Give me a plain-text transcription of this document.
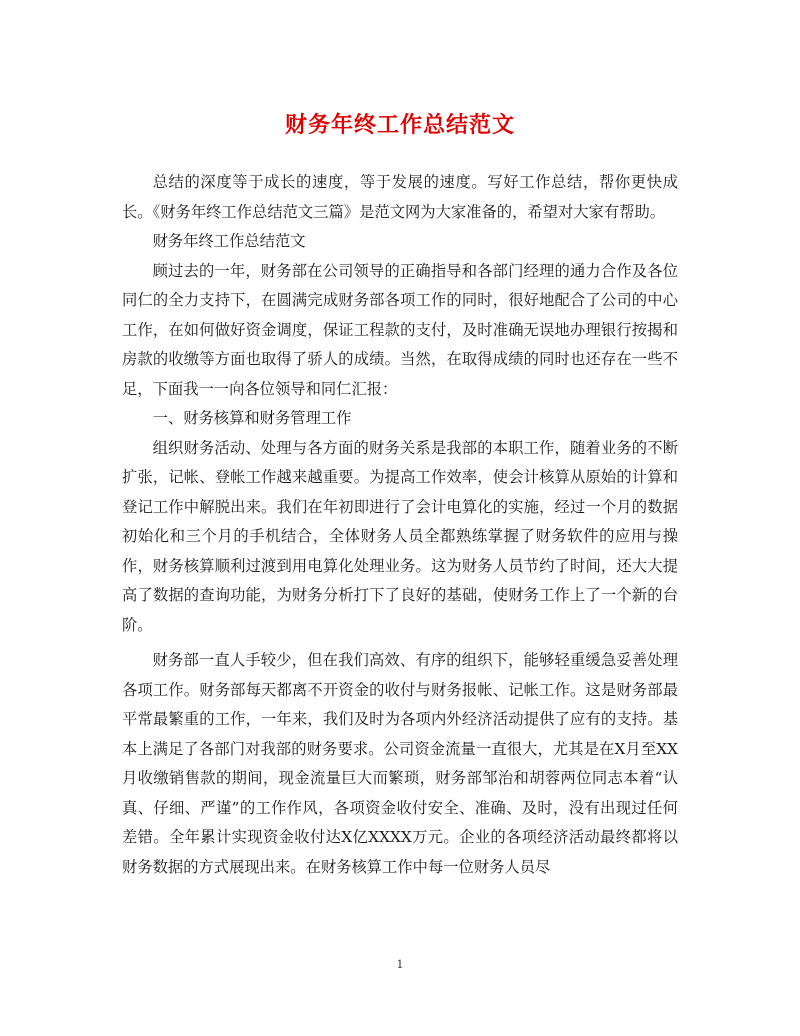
财务年终工作总结范文

总结的深度等于成长的速度，等于发展的速度。写好工作总结，帮你更快成长。《财务年终工作总结范文三篇》是范文网为大家准备的，希望对大家有帮助。

财务年终工作总结范文

顾过去的一年，财务部在公司领导的正确指导和各部门经理的通力合作及各位同仁的全力支持下，在圆满完成财务部各项工作的同时，很好地配合了公司的中心工作，在如何做好资金调度，保证工程款的支付，及时准确无误地办理银行按揭和房款的收缴等方面也取得了骄人的成绩。当然，在取得成绩的同时也还存在一些不足，下面我一一向各位领导和同仁汇报：

一、财务核算和财务管理工作

组织财务活动、处理与各方面的财务关系是我部的本职工作，随着业务的不断扩张，记帐、登帐工作越来越重要。为提高工作效率，使会计核算从原始的计算和登记工作中解脱出来。我们在年初即进行了会计电算化的实施，经过一个月的数据初始化和三个月的手机结合，全体财务人员全都熟练掌握了财务软件的应用与操作，财务核算顺利过渡到用电算化处理业务。这为财务人员节约了时间，还大大提高了数据的查询功能，为财务分析打下了良好的基础，使财务工作上了一个新的台阶。

财务部一直人手较少，但在我们高效、有序的组织下，能够轻重缓急妥善处理各项工作。财务部每天都离不开资金的收付与财务报帐、记帐工作。这是财务部最平常最繁重的工作，一年来，我们及时为各项内外经济活动提供了应有的支持。基本上满足了各部门对我部的财务要求。公司资金流量一直很大，尤其是在X月至XX月收缴销售款的期间，现金流量巨大而繁琐，财务部邹治和胡蓉两位同志本着“认真、仔细、严谨”的工作作风，各项资金收付安全、准确、及时，没有出现过任何差错。全年累计实现资金收付达X亿XXXX万元。企业的各项经济活动最终都将以财务数据的方式展现出来。在财务核算工作中每一位财务人员尽

1
